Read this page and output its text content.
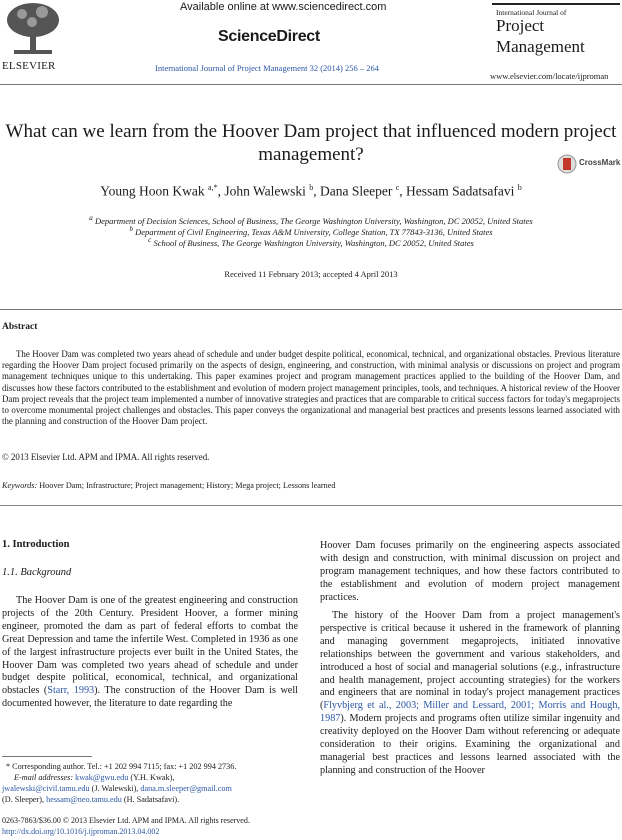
ELSEVIER
Available online at www.sciencedirect.com
ScienceDirect
International Journal of Project Management 32 (2014) 256 – 264
International Journal of
Project
Management
www.elsevier.com/locate/ijproman
What can we learn from the Hoover Dam project that influenced modern project management?	CrossMark
Young Hoon Kwak $^{a,*}$, John Walewski $^b$, Dana Sleeper $^c$, Hessam Sadatsafavi $^b$
$^a$ Department of Decision Sciences, School of Business, The George Washington University, Washington, DC 20052, United States
$^b$ Department of Civil Engineering, Texas A&M University, College Station, TX 77843-3136, United States
$^c$ School of Business, The George Washington University, Washington, DC 20052, United States
Received 11 February 2013; accepted 4 April 2013
Abstract
The Hoover Dam was completed two years ahead of schedule and under budget despite political, economical, technical, and organizational obstacles. Previous literature regarding the Hoover Dam project focused primarily on the aspects of design, engineering, and construction, with minimal analysis or discussions on project and program management techniques unique to this undertaking. This paper examines project and program management practices applied to the building of the Hoover Dam, and discusses how these factors contributed to the establishment and evolution of modern project management principles, tools, and techniques. A historical review of the Hoover Dam project reveals that the project team implemented a number of innovative strategies and practices that are comparable to critical success factors for today's megaprojects to overcome monumental project challenges and obstacles. This paper conveys the organizational and managerial best practices and presents lessons learned associated with the planning and construction of the Hoover Dam project.
© 2013 Elsevier Ltd. APM and IPMA. All rights reserved.
Keywords: Hoover Dam; Infrastructure; Project management; History; Mega project; Lessons learned
1. Introduction
1.1. Background
The Hoover Dam is one of the greatest engineering and construction projects of the 20th Century. President Hoover, a former mining engineer, promoted the dam as part of federal efforts to combat the Great Depression and tame the infertile West. Completed in 1936 as one of the largest infrastructure projects ever built in the United States, the Hoover Dam was completed two years ahead of schedule and under budget despite political, economical, technical, and organizational obstacles (Starr, 1993). The construction of the Hoover Dam is well documented however, the literature to date regarding the
Hoover Dam focuses primarily on the engineering aspects associated with design and construction, with minimal discussion on project and program management techniques, and how these factors contributed to the establishment and evolution of modern project management practices.
The history of the Hoover Dam from a project management's perspective is critical because it ushered in the framework of planning and managing government megaprojects, initiated innovative relationships between the government and various stakeholders, and introduced a host of social and managerial solutions (e.g., infrastructure and health management, project accounting strategies) for the workers and engineers that are nominal in today's project management practices (Flyvbjerg et al., 2003; Miller and Lessard, 2001; Morris and Hough, 1987). Modern projects and programs often utilize similar ingenuity and creativity deployed on the Hoover Dam without referencing or adequate consideration to their origins. Examining the organizational and managerial best practices and lessons learned associated with the planning and construction of the Hoover
* Corresponding author. Tel.: +1 202 994 7115; fax: +1 202 994 2736.
E-mail addresses: kwak@gwu.edu (Y.H. Kwak),
jwalewski@civil.tamu.edu (J. Walewski), dana.m.sleeper@gmail.com
(D. Sleeper), hessam@neo.tamu.edu (H. Sadatsafavi).
0263-7863/$36.00 © 2013 Elsevier Ltd. APM and IPMA. All rights reserved.
http://dx.doi.org/10.1016/j.ijproman.2013.04.002
